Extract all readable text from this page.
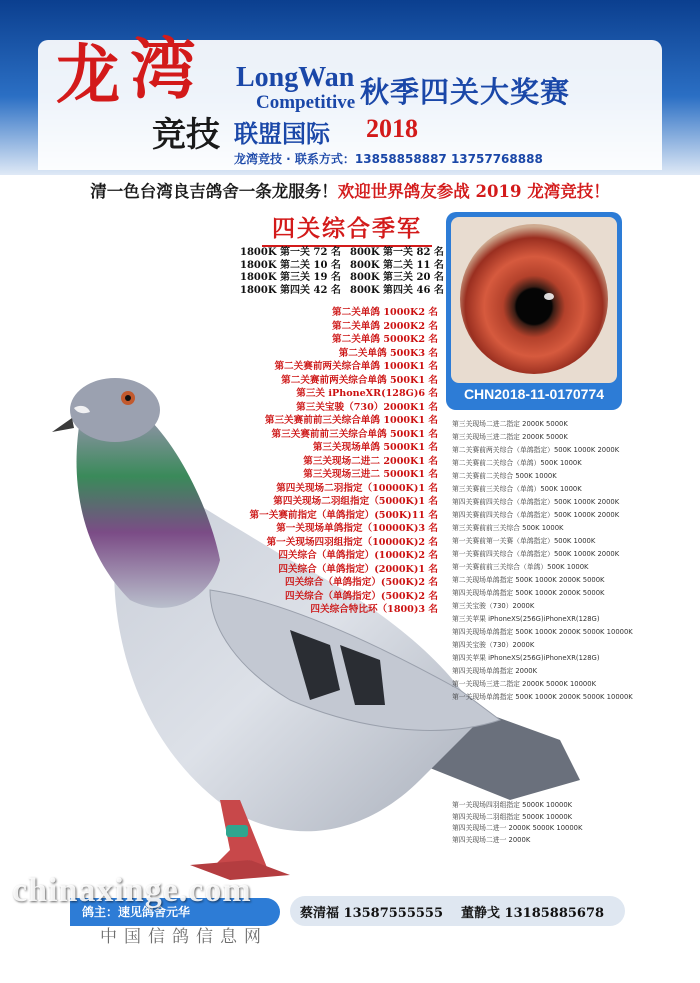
龙 湾
竞技
LongWan
Competitive
联盟国际 2018
秋季四关大奖赛
龙湾竞技 · 联系方式：13858858887 13757768888
清一色台湾良吉鸽舍一条龙服务！欢迎世界鸽友参战 2019 龙湾竞技！
四关综合季军
1800K 第一关 72 名 800K 第一关 82 名
1800K 第二关 10 名 800K 第二关 11 名
1800K 第三关 19 名 800K 第三关 20 名
1800K 第四关 42 名 800K 第四关 46 名
第二关单鸽 1000K2 名
第二关单鸽 2000K2 名
第二关单鸽 5000K2 名
第二关单鸽 500K3 名
第二关赛前两关综合单鸽 1000K1 名
第二关赛前两关综合单鸽 500K1 名
第三关 iPhoneXR(128G)6 名
第三关宝骏（730）2000K1 名
第三关赛前前三关综合单鸽 1000K1 名
第三关赛前前三关综合单鸽 500K1 名
第三关现场单鸽 5000K1 名
第三关现场二进二 2000K1 名
第三关现场三进二 5000K1 名
第四关现场二羽指定（10000K)1 名
第四关现场二羽组指定（5000K)1 名
第一关赛前指定（单鸽指定）(500K)11 名
第一关现场单鸽指定（10000K)3 名
第一关现场四羽组指定（10000K)2 名
四关综合（单鸽指定）(1000K)2 名
四关综合（单鸽指定）(2000K)1 名
四关综合（单鸽指定）(500K)2 名
四关综合（单鸽指定）(500K)2 名
四关综合特比环（1800)3 名
CHN2018-11-0170774
第三关现场二进二指定 2000K 5000K
第三关现场三进二指定 2000K 5000K
第二关赛前两关综合（单鸽指定）500K 1000K 2000K
第二关赛前二关综合（单鸽）500K 1000K
第二关赛前二关综合 500K 1000K
第三关赛前三关综合（单鸽）500K 1000K
第四关赛前四关综合（单鸽指定）500K 1000K 2000K
第四关赛前四关综合（单鸽指定）500K 1000K 2000K
第三关赛前前三关综合 500K 1000K
第一关赛前第一关赛（单鸽指定）500K 1000K
第一关赛前四关综合（单鸽指定）500K 1000K 2000K
第一关赛前前三关综合（单鸽）500K 1000K
第二关现场单鸽指定 500K 1000K 2000K 5000K
第四关现场单鸽指定 500K 1000K 2000K 5000K
第三关宝骏（730）2000K
第三关苹果 iPhoneXS(256G)iPhoneXR(128G)
第四关现场单鸽指定 500K 1000K 2000K 5000K 10000K
第四关宝骏（730）2000K
第四关苹果 iPhoneXS(256G)iPhoneXR(128G)
第四关现场单鸽指定 2000K
第一关现场三进二指定 2000K 5000K 10000K
第一关现场单鸽指定 500K 1000K 2000K 5000K 10000K
第一关现场四羽组指定 5000K 10000K
第四关现场二羽组指定 5000K 10000K
第四关现场二进一 2000K 5000K 10000K
第四关现场二进一 2000K
鸽主：速见鸽舍元华	蔡清福 13587555555 董静戈 13185885678
chinaxinge.com
中国信鸽信息网
